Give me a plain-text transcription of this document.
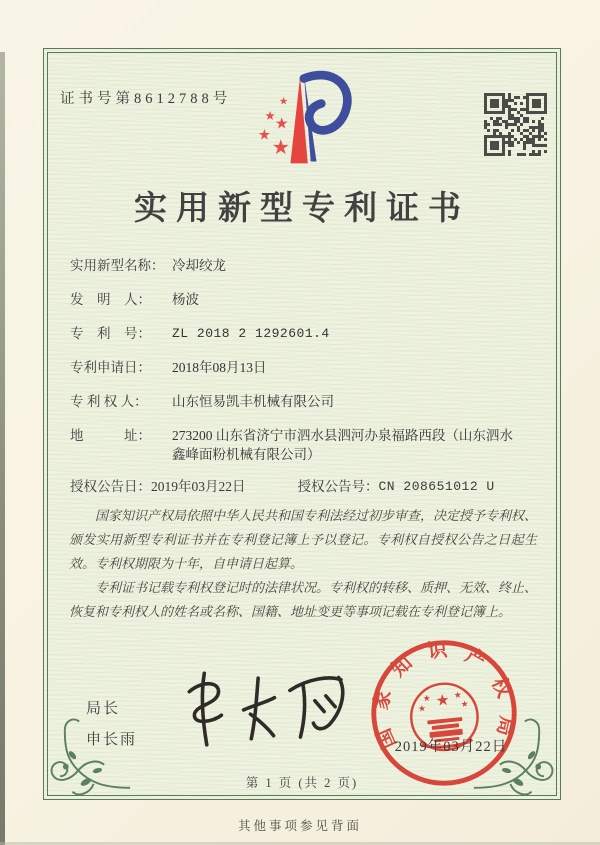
证书号第8612788号	★
★ ★
★
★
实用新型专利证书
实用新型名称： 冷却绞龙
发　明　人：	杨波
专　利　号：	ZL 2018 2 1292601.4
专利申请日：	2018年08月13日
专 利 权 人：	山东恒易凯丰机械有限公司
地　　　址：	273200 山东省济宁市泗水县泗河办泉福路西段（山东泗水鑫峰面粉机械有限公司）
授权公告日： 2019年03月22日	授权公告号： CN 208651012 U

国家知识产权局依照中华人民共和国专利法经过初步审查，决定授予专利权、颁发实用新型专利证书并在专利登记簿上予以登记。专利权自授权公告之日起生效。专利权期限为十年，自申请日起算。

专利证书记载专利权登记时的法律状况。专利权的转移、质押、无效、终止、恢复和专利权人的姓名或名称、国籍、地址变更等事项记载在专利登记簿上。

局长
申长雨	国
家
知
识 产
权
局
★
★ ★
★	★
2019年03月22日
第 1 页 (共 2 页)
其他事项参见背面
